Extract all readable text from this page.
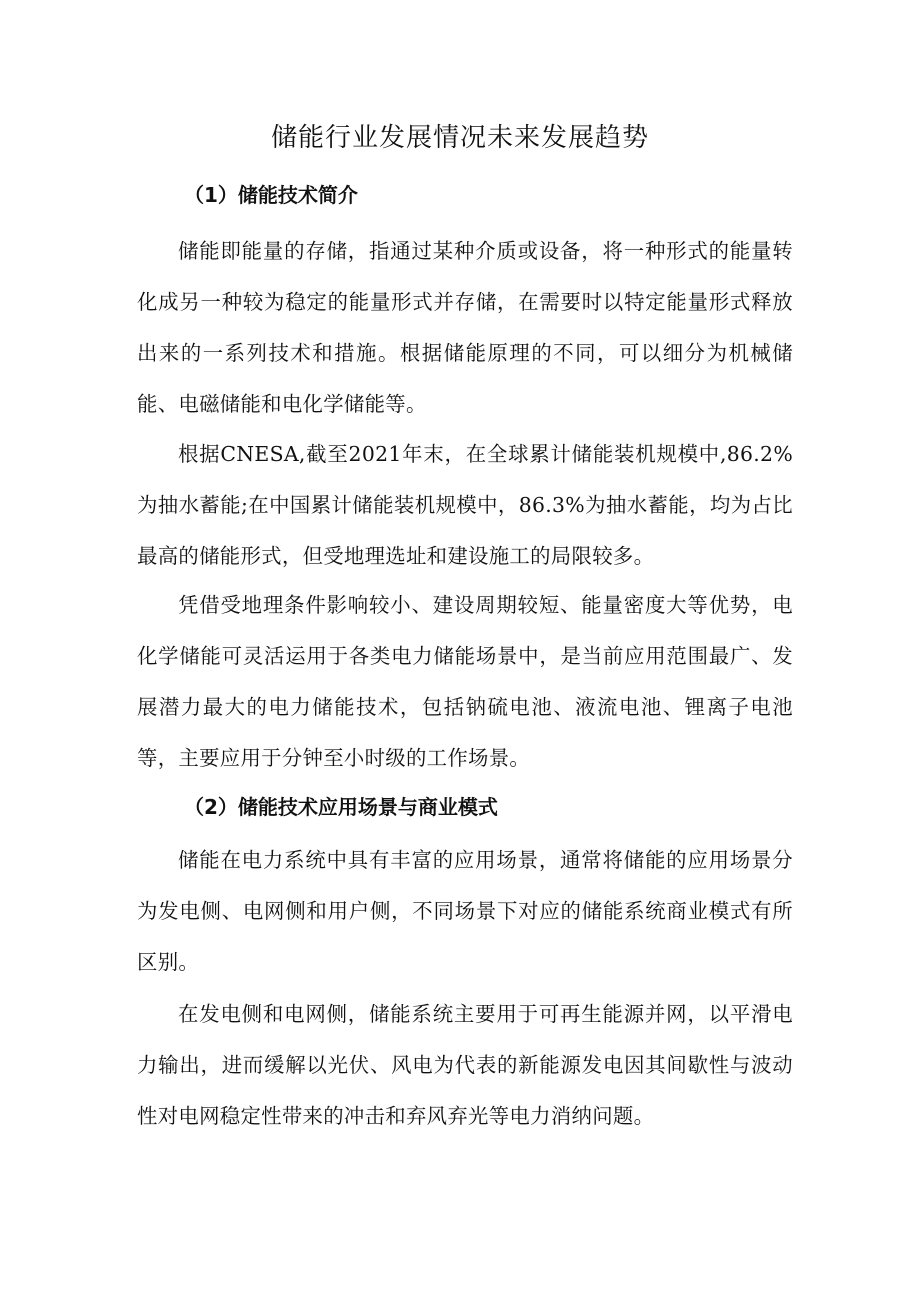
储能行业发展情况未来发展趋势
（1）储能技术简介

储能即能量的存储，指通过某种介质或设备，将一种形式的能量转化成另一种较为稳定的能量形式并存储，在需要时以特定能量形式释放出来的一系列技术和措施。根据储能原理的不同，可以细分为机械储能、电磁储能和电化学储能等。

根据CNESA,截至2021年末，在全球累计储能装机规模中,86.2%为抽水蓄能;在中国累计储能装机规模中，86.3%为抽水蓄能，均为占比最高的储能形式，但受地理选址和建设施工的局限较多。

凭借受地理条件影响较小、建设周期较短、能量密度大等优势，电化学储能可灵活运用于各类电力储能场景中，是当前应用范围最广、发展潜力最大的电力储能技术，包括钠硫电池、液流电池、锂离子电池等，主要应用于分钟至小时级的工作场景。

（2）储能技术应用场景与商业模式

储能在电力系统中具有丰富的应用场景，通常将储能的应用场景分为发电侧、电网侧和用户侧，不同场景下对应的储能系统商业模式有所区别。

在发电侧和电网侧，储能系统主要用于可再生能源并网，以平滑电力输出，进而缓解以光伏、风电为代表的新能源发电因其间歇性与波动性对电网稳定性带来的冲击和弃风弃光等电力消纳问题。
